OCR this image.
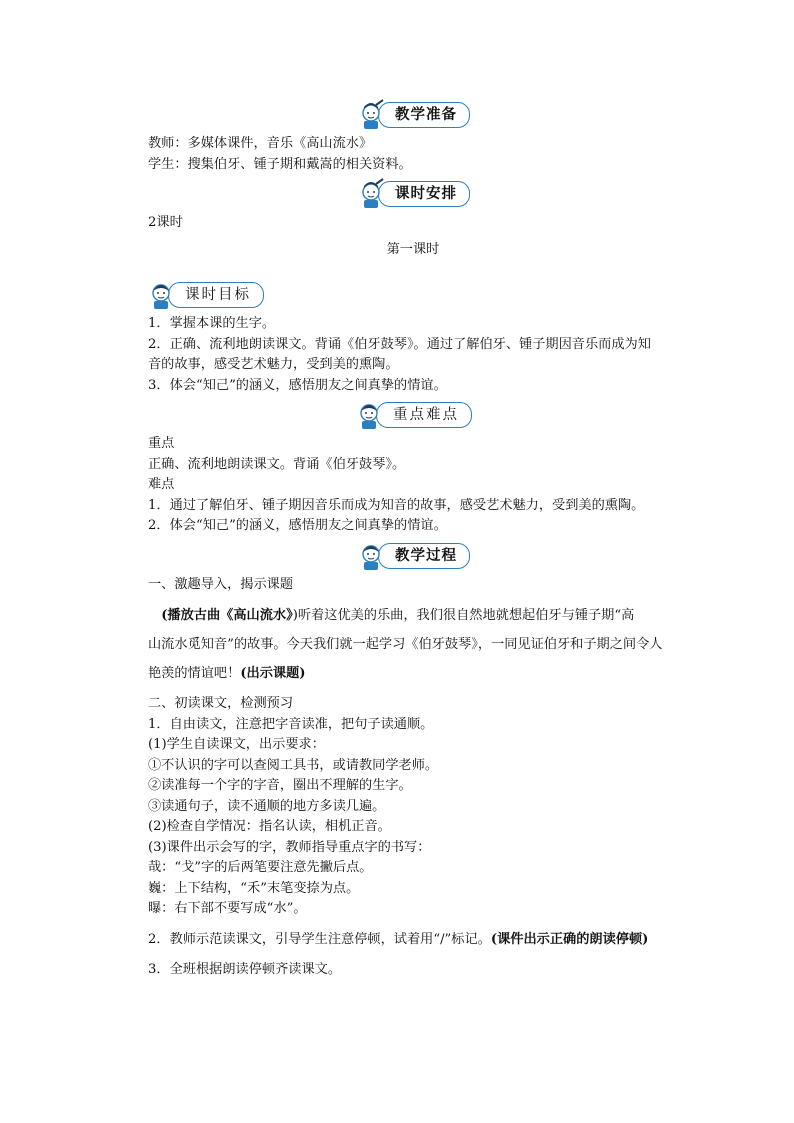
教学准备
教师：多媒体课件，音乐《高山流水》
学生：搜集伯牙、锺子期和戴嵩的相关资料。
课时安排
2课时
第一课时
课时目标
1．掌握本课的生字。
2．正确、流利地朗读课文。背诵《伯牙鼓琴》。通过了解伯牙、锺子期因音乐而成为知
音的故事，感受艺术魅力，受到美的熏陶。
3．体会“知己”的涵义，感悟朋友之间真挚的情谊。
重点难点
重点
正确、流利地朗读课文。背诵《伯牙鼓琴》。
难点
1．通过了解伯牙、锺子期因音乐而成为知音的故事，感受艺术魅力，受到美的熏陶。
2．体会“知己”的涵义，感悟朋友之间真挚的情谊。
教学过程
一、激趣导入，揭示课题
 (播放古曲《高山流水》)听着这优美的乐曲，我们很自然地就想起伯牙与锺子期“高
山流水觅知音”的故事。今天我们就一起学习《伯牙鼓琴》，一同见证伯牙和子期之间令人
艳羡的情谊吧！(出示课题)
二、初读课文，检测预习
1．自由读文，注意把字音读准，把句子读通顺。
(1)学生自读课文，出示要求：
①不认识的字可以查阅工具书，或请教同学老师。
②读准每一个字的字音，圈出不理解的生字。
③读通句子，读不通顺的地方多读几遍。
(2)检查自学情况：指名认读，相机正音。
(3)课件出示会写的字，教师指导重点字的书写：
哉：“戈”字的后两笔要注意先撇后点。
巍：上下结构，“禾”末笔变捺为点。
曝：右下部不要写成“水”。
2．教师示范读课文，引导学生注意停顿，试着用“/”标记。(课件出示正确的朗读停顿)
3．全班根据朗读停顿齐读课文。
